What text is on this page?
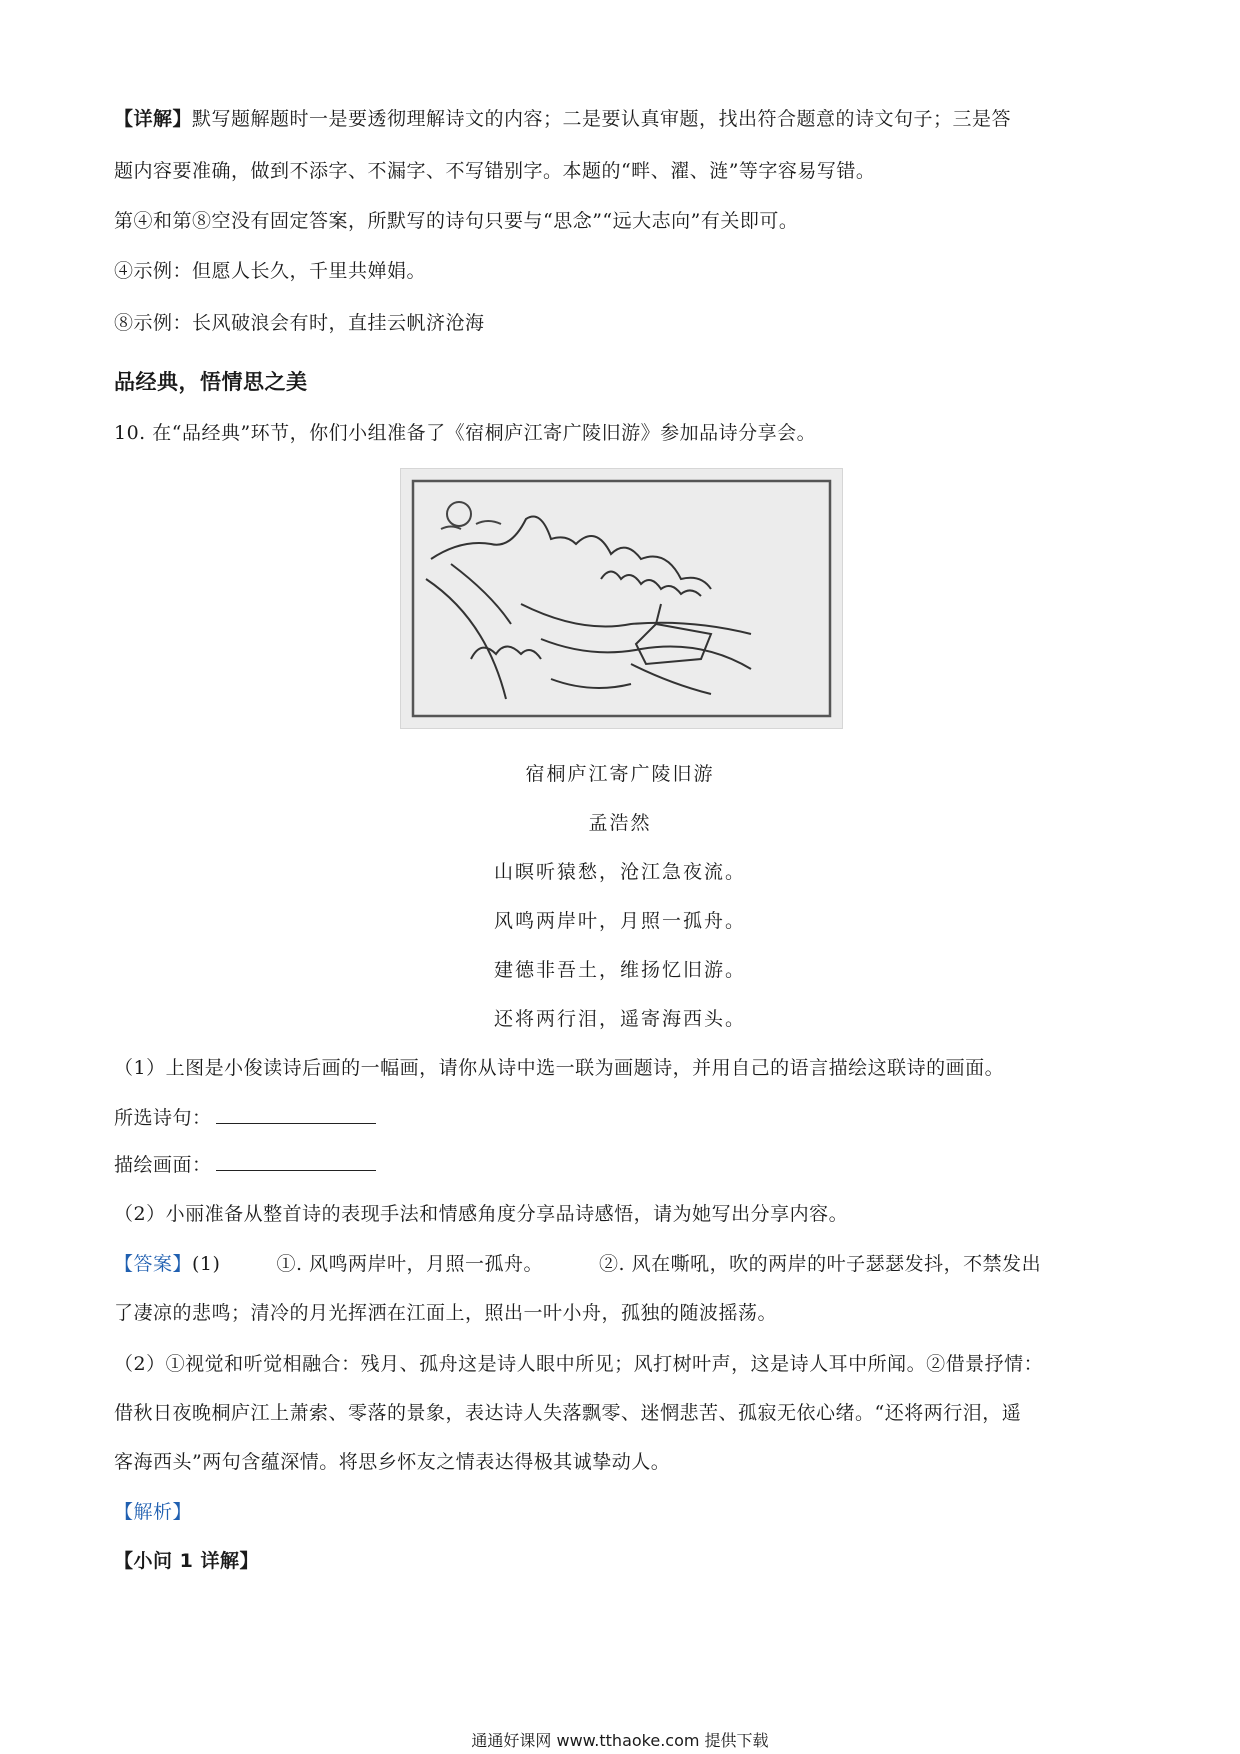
【详解】默写题解题时一是要透彻理解诗文的内容；二是要认真审题，找出符合题意的诗文句子；三是答
题内容要准确，做到不添字、不漏字、不写错别字。本题的“畔、濯、涟”等字容易写错。
第④和第⑧空没有固定答案，所默写的诗句只要与“思念”“远大志向”有关即可。
④示例：但愿人长久，千里共婵娟。
⑧示例：长风破浪会有时，直挂云帆济沧海
品经典，悟情思之美
10. 在“品经典”环节，你们小组准备了《宿桐庐江寄广陵旧游》参加品诗分享会。
宿桐庐江寄广陵旧游
孟浩然
山暝听猿愁，沧江急夜流。
风鸣两岸叶，月照一孤舟。
建德非吾土，维扬忆旧游。
还将两行泪，遥寄海西头。
（1）上图是小俊读诗后画的一幅画，请你从诗中选一联为画题诗，并用自己的语言描绘这联诗的画面。
所选诗句：
描绘画面：
（2）小丽准备从整首诗的表现手法和情感角度分享品诗感悟，请为她写出分享内容。
【答案】(1)	①. 风鸣两岸叶，月照一孤舟。	②. 风在嘶吼，吹的两岸的叶子瑟瑟发抖，不禁发出
了凄凉的悲鸣；清冷的月光挥洒在江面上，照出一叶小舟，孤独的随波摇荡。
（2）①视觉和听觉相融合：残月、孤舟这是诗人眼中所见；风打树叶声，这是诗人耳中所闻。②借景抒情：
借秋日夜晚桐庐江上萧索、零落的景象，表达诗人失落飘零、迷惘悲苦、孤寂无依心绪。“还将两行泪，遥
客海西头”两句含蕴深情。将思乡怀友之情表达得极其诚挚动人。
【解析】
【小问 1 详解】
通通好课网 www.tthaoke.com 提供下载
